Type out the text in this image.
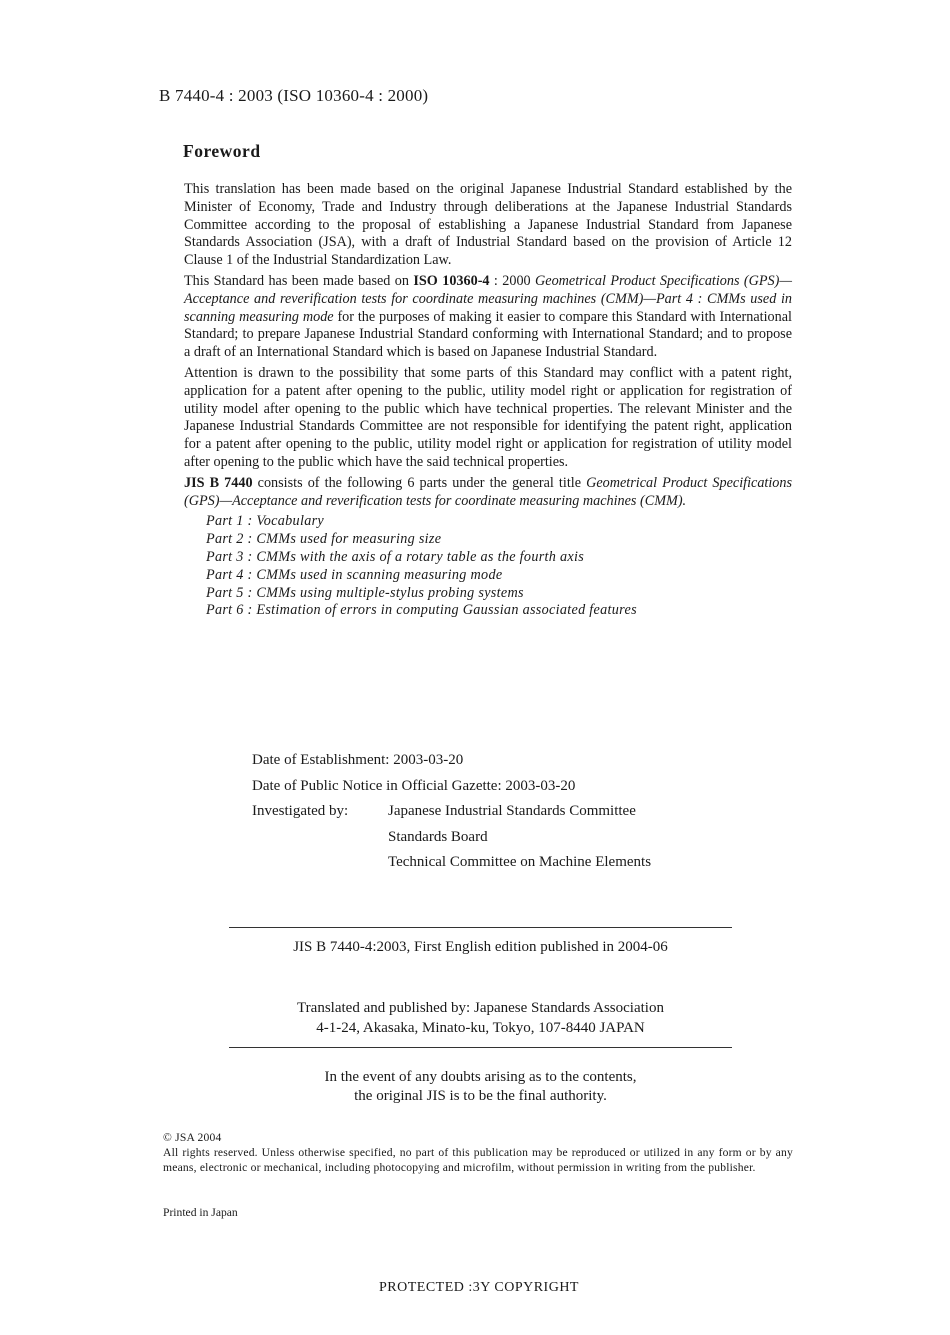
B 7440-4 : 2003 (ISO 10360-4 : 2000)
Foreword

This translation has been made based on the original Japanese Industrial Standard established by the Minister of Economy, Trade and Industry through deliberations at the Japanese Industrial Standards Committee according to the proposal of establishing a Japanese Industrial Standard from Japanese Standards Association (JSA), with a draft of Industrial Standard based on the provision of Article 12 Clause 1 of the Industrial Standardization Law.

This Standard has been made based on ISO 10360-4 : 2000 Geometrical Product Specifications (GPS)—Acceptance and reverification tests for coordinate measuring machines (CMM)—Part 4 : CMMs used in scanning measuring mode for the purposes of making it easier to compare this Standard with International Standard; to prepare Japanese Industrial Standard conforming with International Standard; and to propose a draft of an International Standard which is based on Japanese Industrial Standard.

Attention is drawn to the possibility that some parts of this Standard may conflict with a patent right, application for a patent after opening to the public, utility model right or application for registration of utility model after opening to the public which have technical properties. The relevant Minister and the Japanese Industrial Standards Committee are not responsible for identifying the patent right, application for a patent after opening to the public, utility model right or application for registration of utility model after opening to the public which have the said technical properties.

JIS B 7440 consists of the following 6 parts under the general title Geometrical Product Specifications (GPS)—Acceptance and reverification tests for coordinate measuring machines (CMM).

Part 1 : Vocabulary
Part 2 : CMMs used for measuring size
Part 3 : CMMs with the axis of a rotary table as the fourth axis
Part 4 : CMMs used in scanning measuring mode
Part 5 : CMMs using multiple-stylus probing systems
Part 6 : Estimation of errors in computing Gaussian associated features
Date of Establishment: 2003-03-20
Date of Public Notice in Official Gazette: 2003-03-20
Investigated by:	Japanese Industrial Standards Committee
Standards Board
Technical Committee on Machine Elements
JIS B 7440-4:2003, First English edition published in 2004-06
Translated and published by: Japanese Standards Association
4-1-24, Akasaka, Minato-ku, Tokyo, 107-8440 JAPAN
In the event of any doubts arising as to the contents,
the original JIS is to be the final authority.

© JSA 2004

All rights reserved. Unless otherwise specified, no part of this publication may be reproduced or utilized in any form or by any means, electronic or mechanical, including photocopying and microfilm, without permission in writing from the publisher.

Printed in Japan
PROTECTED :3Y COPYRIGHT
